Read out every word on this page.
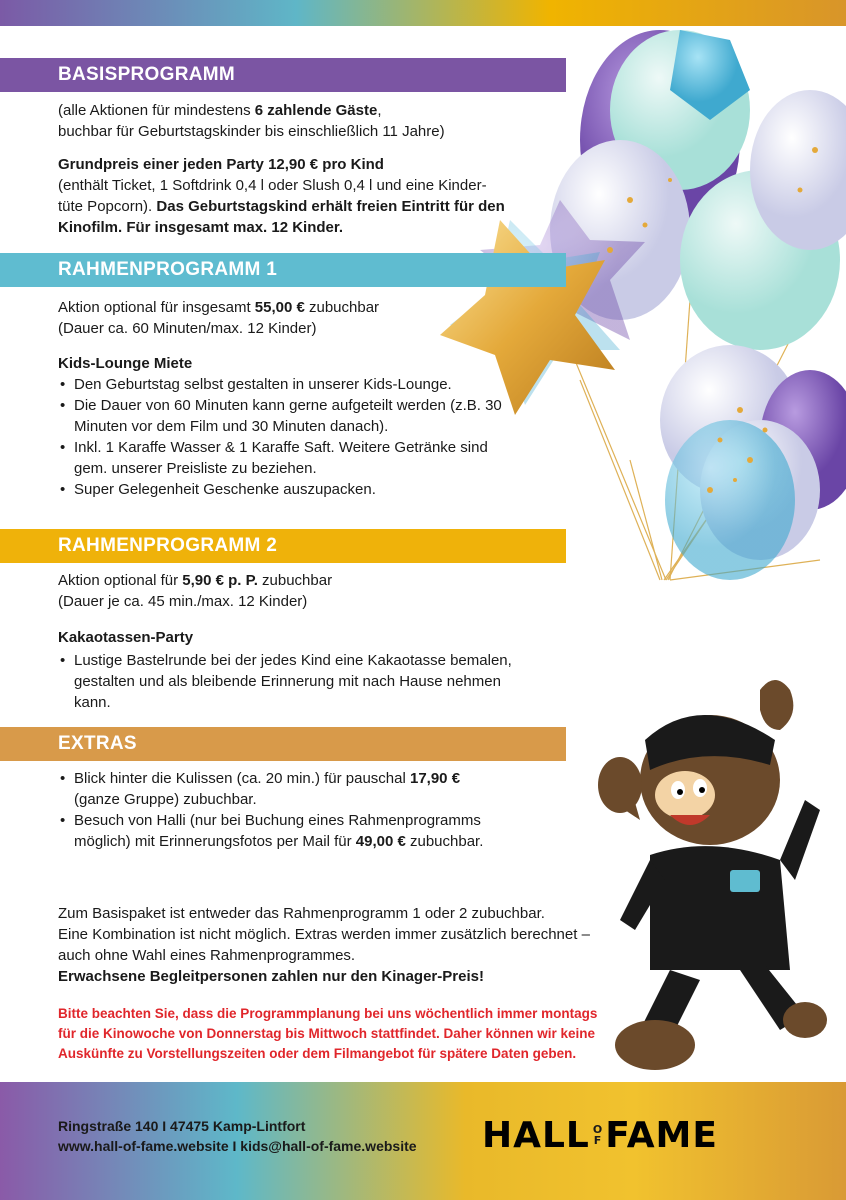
BASISPROGRAMM
(alle Aktionen für mindestens 6 zahlende Gäste,
buchbar für Geburtstagskinder bis einschließlich 11 Jahre)
Grundpreis einer jeden Party 12,90 € pro Kind
(enthält Ticket, 1 Softdrink 0,4 l oder Slush 0,4 l und eine Kinder-
tüte Popcorn). Das Geburtstagskind erhält freien Eintritt für den
Kinofilm. Für insgesamt max. 12 Kinder.
RAHMENPROGRAMM 1
Aktion optional für insgesamt 55,00 € zubuchbar
(Dauer ca. 60 Minuten/max. 12 Kinder)
Kids-Lounge Miete
• Den Geburtstag selbst gestalten in unserer Kids-Lounge.
• Die Dauer von 60 Minuten kann gerne aufgeteilt werden (z.B. 30 Minuten vor dem Film und 30 Minuten danach).
• Inkl. 1 Karaffe Wasser & 1 Karaffe Saft. Weitere Getränke sind gem. unserer Preisliste zu beziehen.
• Super Gelegenheit Geschenke auszupacken.
RAHMENPROGRAMM 2
Aktion optional für 5,90 € p. P. zubuchbar
(Dauer je ca. 45 min./max. 12 Kinder)
Kakaotassen-Party
• Lustige Bastelrunde bei der jedes Kind eine Kakaotasse bemalen, gestalten und als bleibende Erinnerung mit nach Hause nehmen kann.
EXTRAS
• Blick hinter die Kulissen (ca. 20 min.) für pauschal 17,90 € (ganze Gruppe) zubuchbar.
• Besuch von Halli (nur bei Buchung eines Rahmenprogramms möglich) mit Erinnerungsfotos per Mail für 49,00 € zubuchbar.
Zum Basispaket ist entweder das Rahmenprogramm 1 oder 2 zubuchbar.
Eine Kombination ist nicht möglich. Extras werden immer zusätzlich berechnet –
auch ohne Wahl eines Rahmenprogrammes.
Erwachsene Begleitpersonen zahlen nur den Kinager-Preis!
Bitte beachten Sie, dass die Programmplanung bei uns wöchentlich immer montags
für die Kinowoche von Donnerstag bis Mittwoch stattfindet. Daher können wir keine
Auskünfte zu Vorstellungszeiten oder dem Filmangebot für spätere Daten geben.
Ringstraße 140 I 47475 Kamp-Lintfort
www.hall-of-fame.website I kids@hall-of-fame.website HALL O
F FAME
